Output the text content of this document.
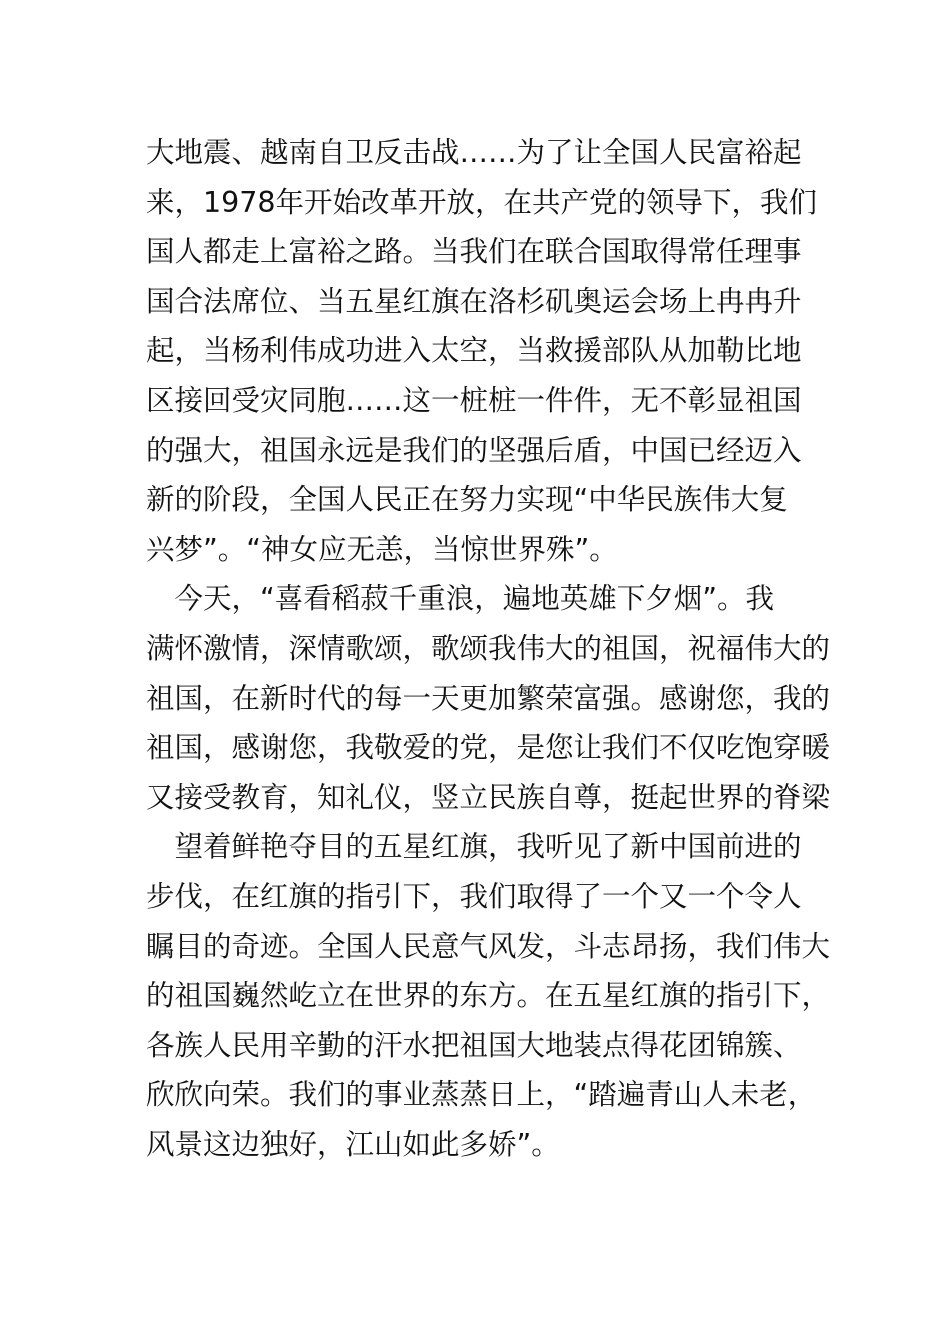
大地震、越南自卫反击战……为了让全国人民富裕起
来，1978年开始改革开放，在共产党的领导下，我们
国人都走上富裕之路。当我们在联合国取得常任理事
国合法席位、当五星红旗在洛杉矶奥运会场上冉冉升
起，当杨利伟成功进入太空，当救援部队从加勒比地
区接回受灾同胞……这一桩桩一件件，无不彰显祖国
的强大，祖国永远是我们的坚强后盾，中国已经迈入
新的阶段，全国人民正在努力实现“中华民族伟大复
兴梦”。“神女应无恙，当惊世界殊”。
　今天，“喜看稻菽千重浪，遍地英雄下夕烟”。我
满怀激情，深情歌颂，歌颂我伟大的祖国，祝福伟大的
祖国，在新时代的每一天更加繁荣富强。感谢您，我的
祖国，感谢您，我敬爱的党，是您让我们不仅吃饱穿暖
又接受教育，知礼仪，竖立民族自尊，挺起世界的脊梁
　望着鲜艳夺目的五星红旗，我听见了新中国前进的
步伐，在红旗的指引下，我们取得了一个又一个令人
瞩目的奇迹。全国人民意气风发，斗志昂扬，我们伟大
的祖国巍然屹立在世界的东方。在五星红旗的指引下，
各族人民用辛勤的汗水把祖国大地装点得花团锦簇、
欣欣向荣。我们的事业蒸蒸日上，“踏遍青山人未老，
风景这边独好，江山如此多娇”。
